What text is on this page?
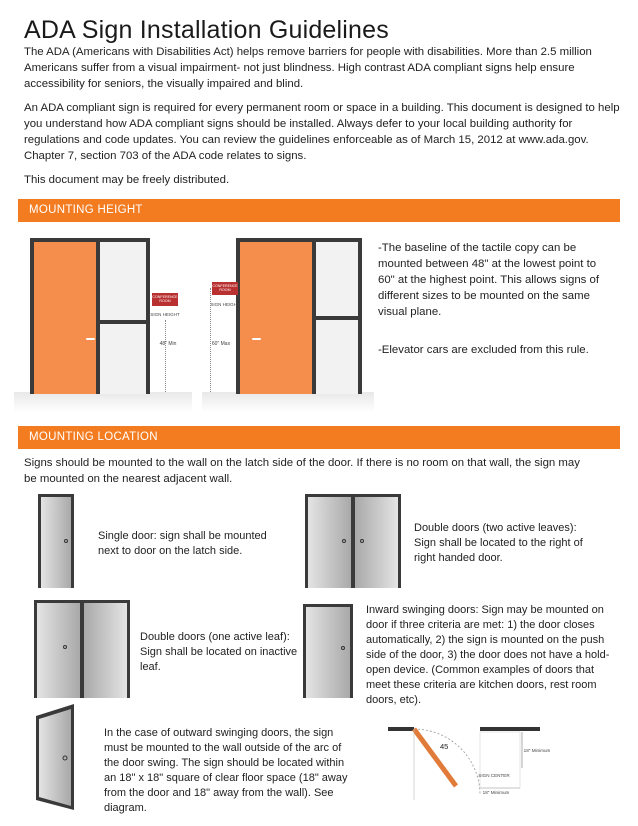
ADA Sign Installation Guidelines
The ADA (Americans with Disabilities Act) helps remove barriers for people with disabilities. More than 2.5 million Americans suffer from a visual impairment- not just blindness. High contrast ADA compliant signs help ensure accessibility for seniors, the visually impaired and blind.
An ADA compliant sign is required for every permanent room or space in a building. This document is designed to help you understand how ADA compliant signs should be installed. Always defer to your local building authority for regulations and code updates. You can review the guidelines enforceable as of March 15, 2012 at www.ada.gov. Chapter 7, section 703 of the ADA code relates to signs.
This document may be freely distributed.
MOUNTING HEIGHT
CONFERENCE
ROOM
SIGN HEIGHT
48" Min
CONFERENCE
ROOM
SIGN HEIGHT
60" Max
-The baseline of the tactile copy can be mounted between 48" at the lowest point to 60" at the highest point. This allows signs of different sizes to be mounted on the same visual plane.
-Elevator cars are excluded from this rule.
MOUNTING LOCATION
Signs should be mounted to the wall on the latch side of the door. If there is no room on that wall, the sign may be mounted on the nearest adjacent wall.
Single door: sign shall be mounted next to door on the latch side.
Double doors (two active leaves): Sign shall be located to the right of right handed door.
Double doors (one active leaf): Sign shall be located on inactive leaf.
Inward swinging doors: Sign may be mounted on door if three criteria are met: 1) the door closes automatically, 2) the sign is mounted on the push side of the door, 3) the door does not have a hold-open device. (Common examples of doors that meet these criteria are kitchen doors, rest room doors, etc).
In the case of outward swinging doors, the sign must be mounted to the wall outside of the arc of the door swing. The sign should be located within an 18" x 18" square of clear floor space (18" away from the door and 18" away from the wall). See diagram.
45	18" Minimum
SIGN CENTER
18" Minimum
